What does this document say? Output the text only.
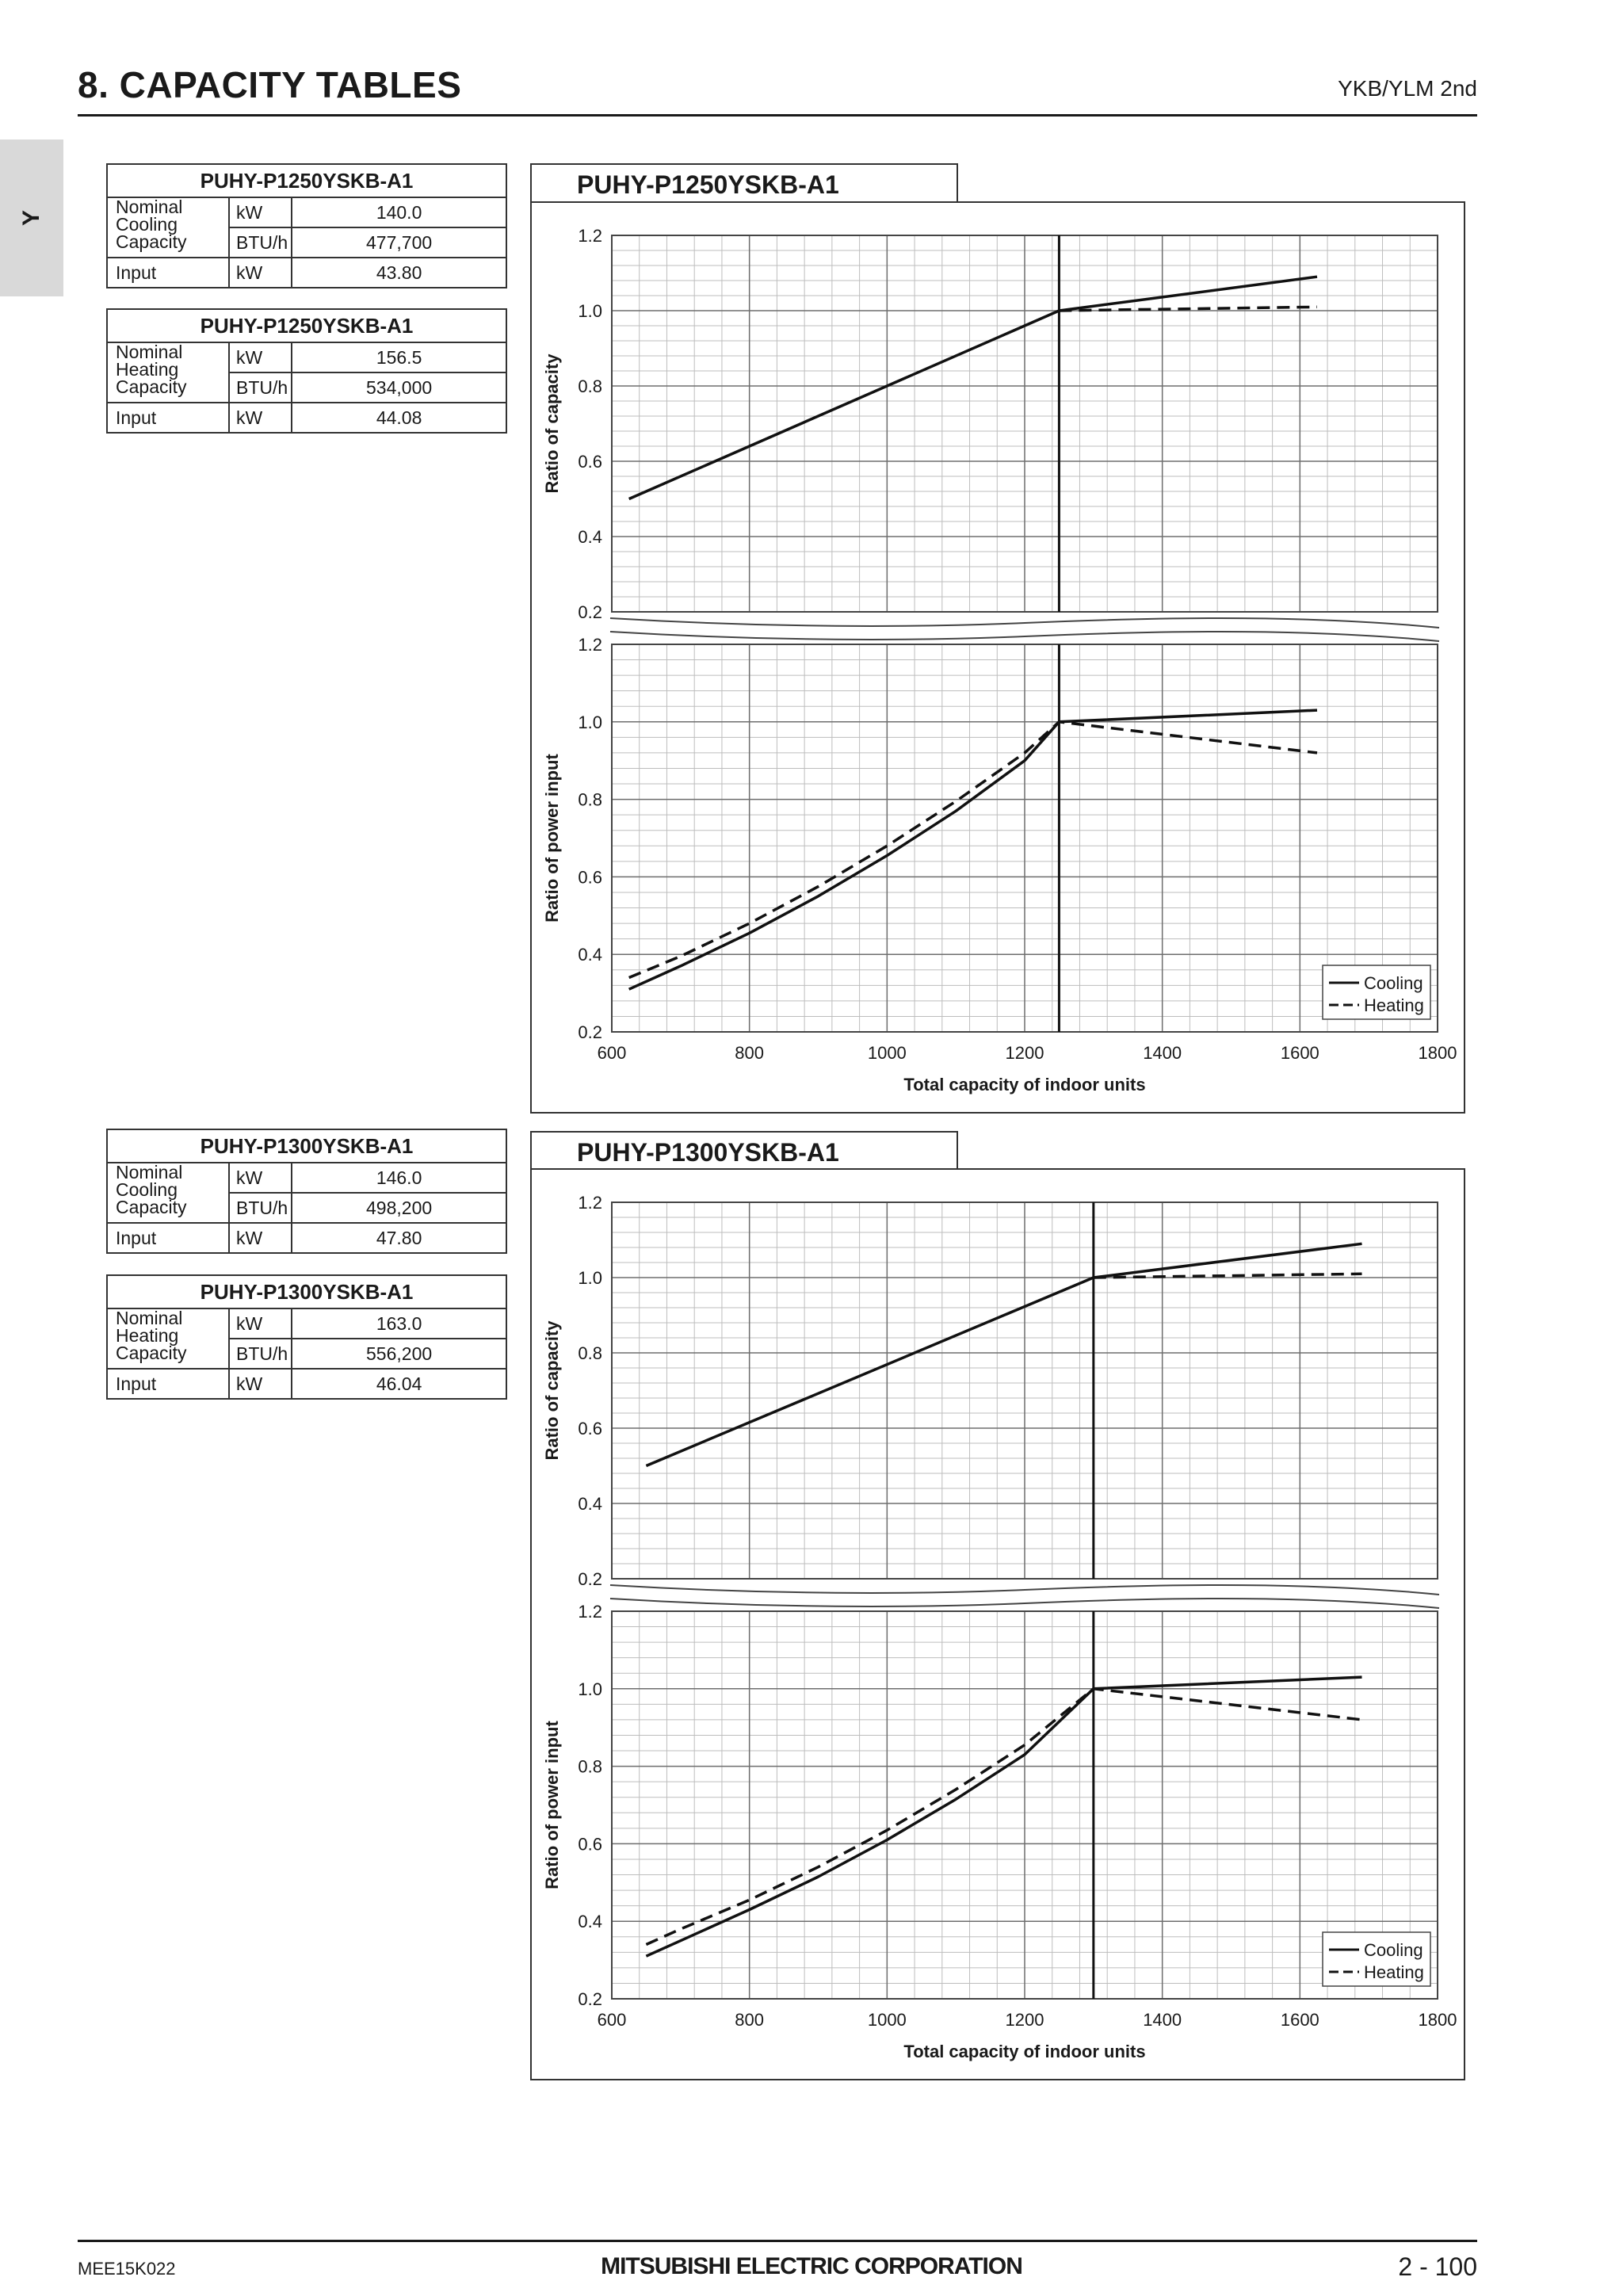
8. CAPACITY TABLES	YKB/YLM 2nd
Y
PUHY-P1250YSKB-A1		
Nominal
Cooling
Capacity	kW	140.0
	BTU/h	477,700
Input	kW	43.80
PUHY-P1250YSKB-A1		
Nominal
Heating
Capacity	kW	156.5
	BTU/h	534,000
Input	kW	44.08
PUHY-P1300YSKB-A1		
Nominal
Cooling
Capacity	kW	146.0
	BTU/h	498,200
Input	kW	47.80
PUHY-P1300YSKB-A1		
Nominal
Heating
Capacity	kW	163.0
	BTU/h	556,200
Input	kW	46.04
PUHY-P1250YSKB-A1
0.2
0.4
0.6
0.8
1.0
1.2
Ratio of capacity
0.2
0.4
0.6
0.8
1.0
1.2
Ratio of power input
600	800	1000	1200	1400	1600	1800
Total capacity of indoor units
Cooling
Heating
PUHY-P1300YSKB-A1
0.2
0.4
0.6
0.8
1.0
1.2
Ratio of capacity
0.2
0.4
0.6
0.8
1.0
1.2
Ratio of power input
600	800	1000	1200	1400	1600	1800
Total capacity of indoor units
Cooling
Heating
MEE15K022	MITSUBISHI ELECTRIC CORPORATION	2 - 100
